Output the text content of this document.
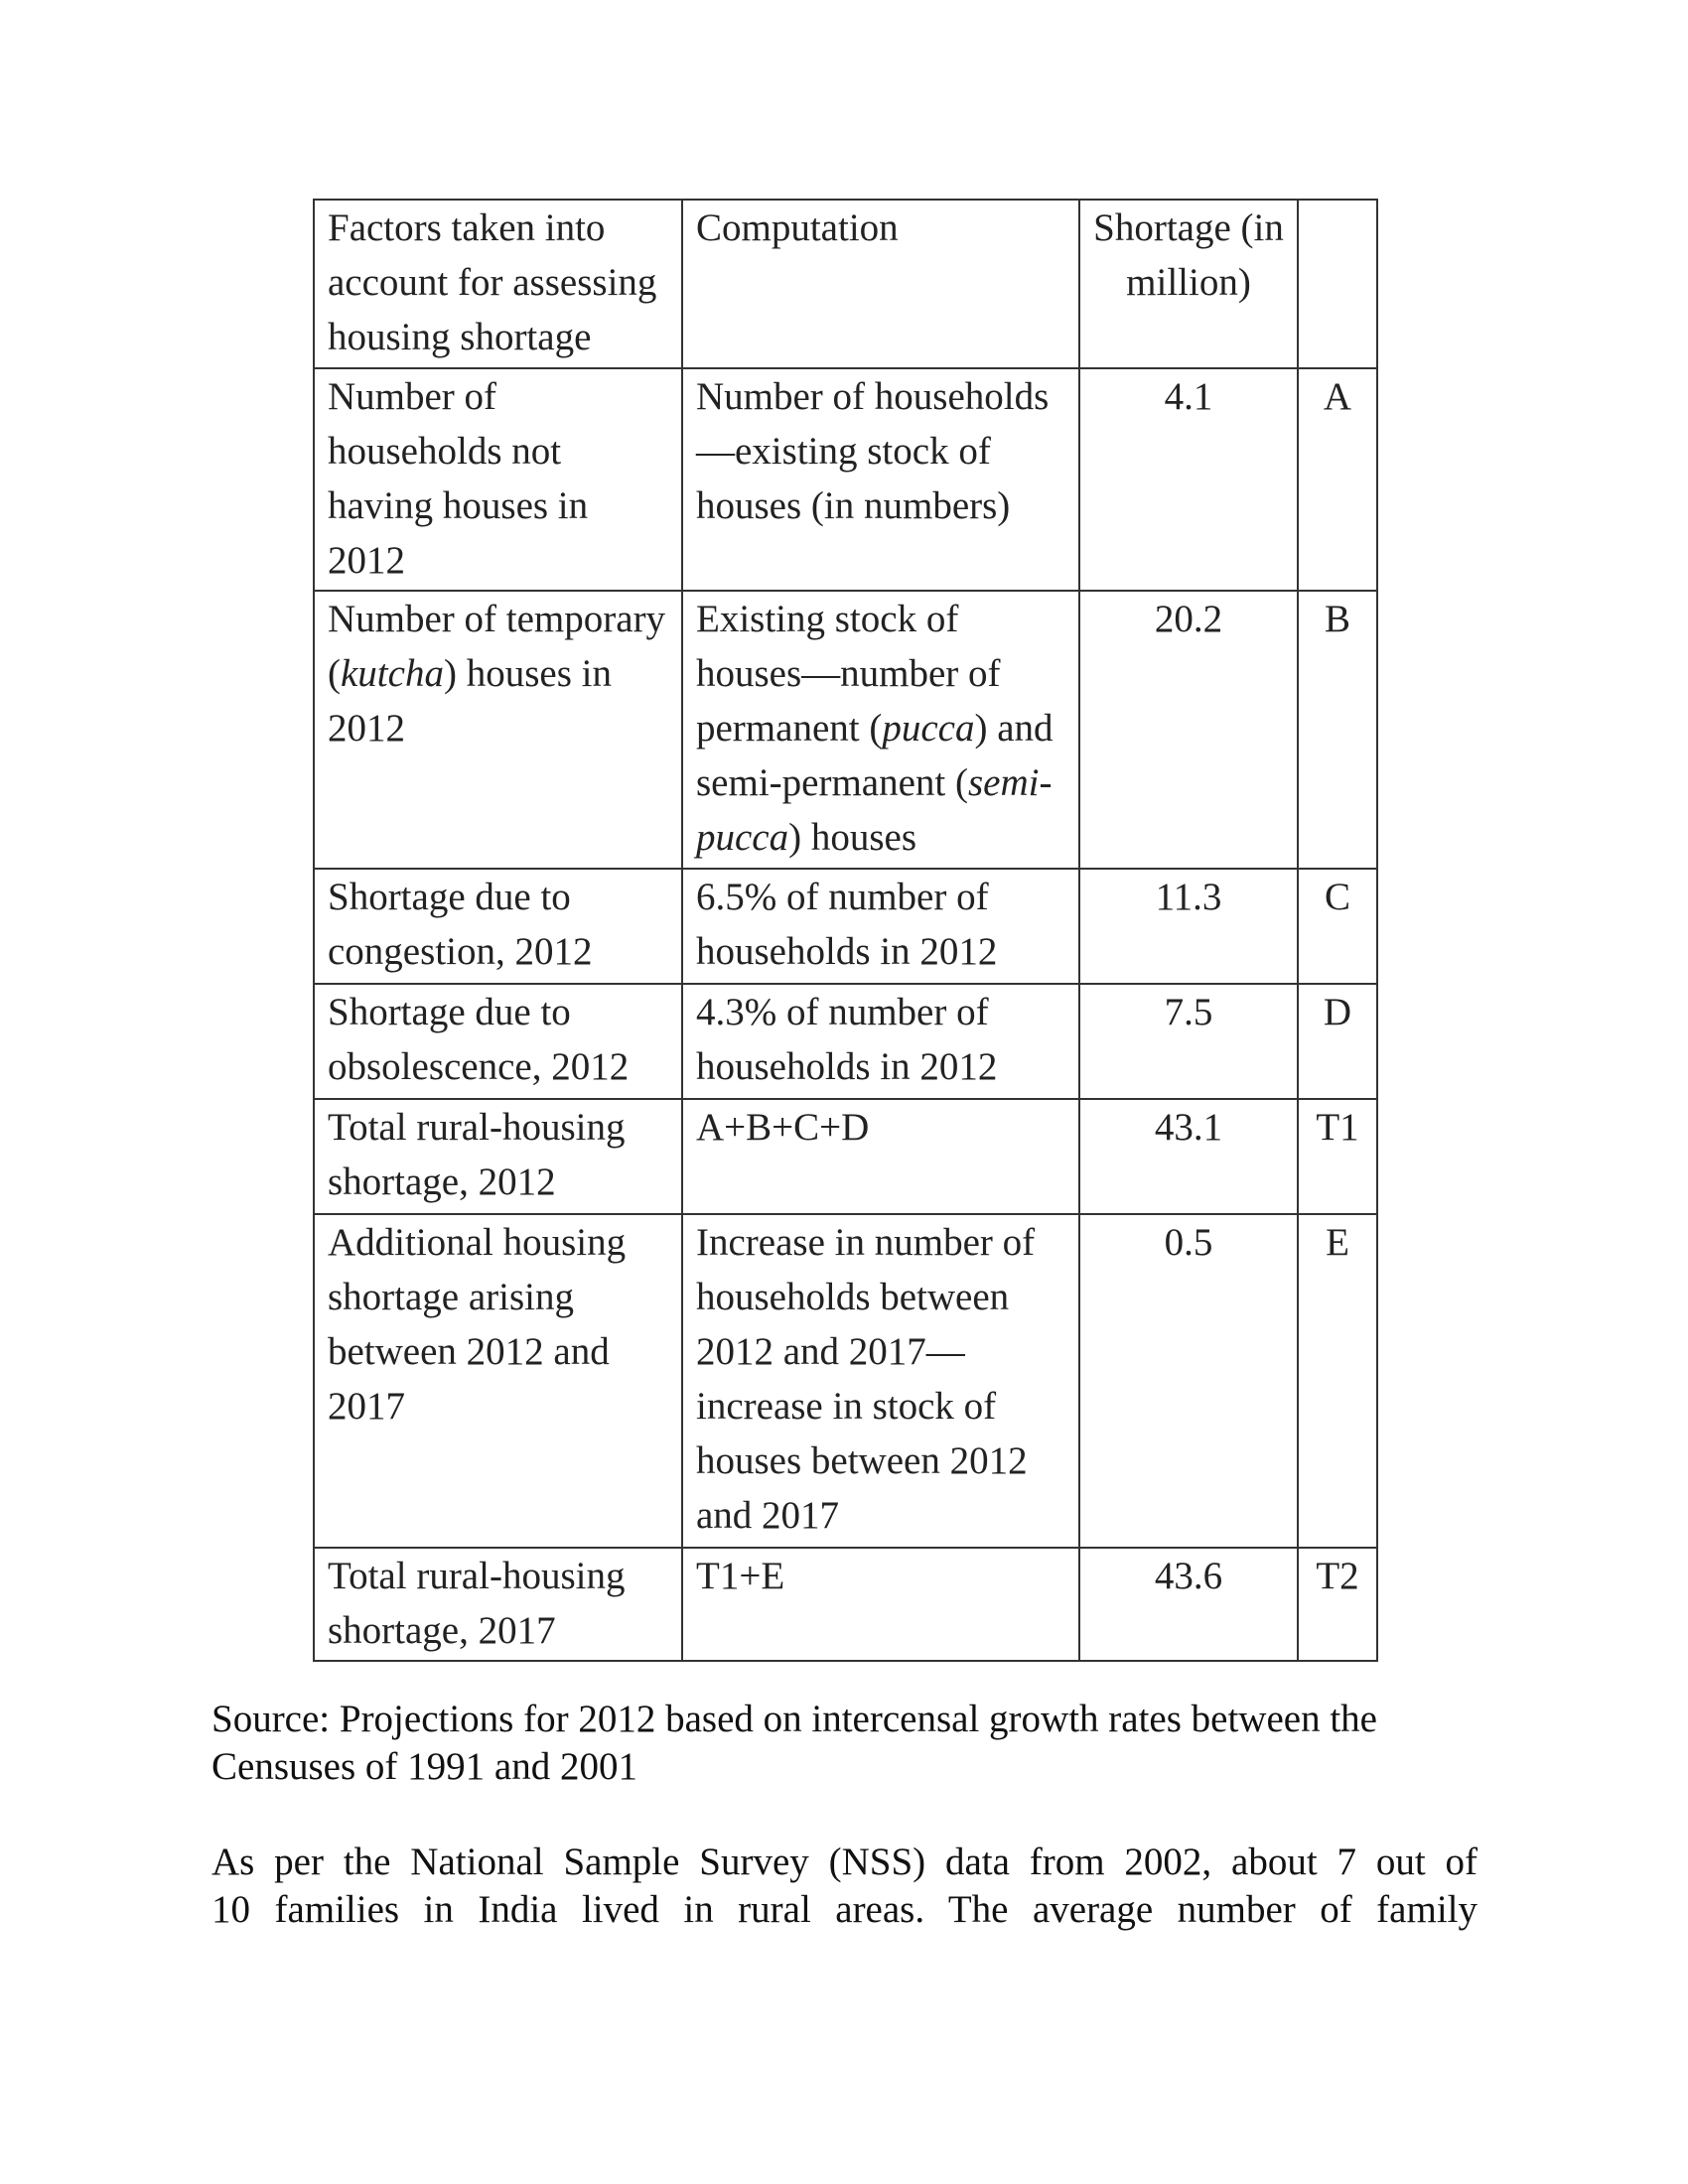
Factors taken into account for assessing housing shortage	Computation	Shortage (in million)	
Number of households not having houses in 2012	Number of households—existing stock of houses (in numbers)	4.1	A
Number of temporary (kutcha) houses in 2012	Existing stock of houses—number of permanent (pucca) and semi-permanent (semi-pucca) houses	20.2	B
Shortage due to congestion, 2012	6.5% of number of households in 2012	11.3	C
Shortage due to obsolescence, 2012	4.3% of number of households in 2012	7.5	D
Total rural-housing shortage, 2012	A+B+C+D	43.1	T1
Additional housing shortage arising between 2012 and 2017	Increase in number of households between 2012 and 2017— increase in stock of houses between 2012 and 2017	0.5	E
Total rural-housing shortage, 2017	T1+E	43.6	T2

Source: Projections for 2012 based on intercensal growth rates between the Censuses of 1991 and 2001

As per the National Sample Survey (NSS) data from 2002, about 7 out of
10 families in India lived in rural areas. The average number of family
